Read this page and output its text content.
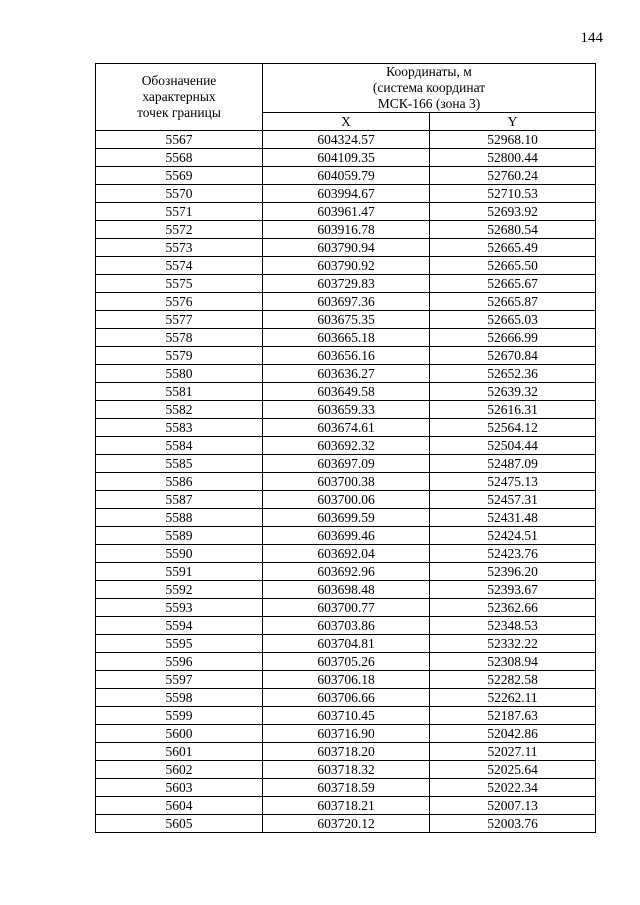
144
Обозначение
характерных
точек границы	Координаты, м
(система координат
МСК-166 (зона 3)	

	X	Y
5567	604324.57	52968.10
5568	604109.35	52800.44
5569	604059.79	52760.24
5570	603994.67	52710.53
5571	603961.47	52693.92
5572	603916.78	52680.54
5573	603790.94	52665.49
5574	603790.92	52665.50
5575	603729.83	52665.67
5576	603697.36	52665.87
5577	603675.35	52665.03
5578	603665.18	52666.99
5579	603656.16	52670.84
5580	603636.27	52652.36
5581	603649.58	52639.32
5582	603659.33	52616.31
5583	603674.61	52564.12
5584	603692.32	52504.44
5585	603697.09	52487.09
5586	603700.38	52475.13
5587	603700.06	52457.31
5588	603699.59	52431.48
5589	603699.46	52424.51
5590	603692.04	52423.76
5591	603692.96	52396.20
5592	603698.48	52393.67
5593	603700.77	52362.66
5594	603703.86	52348.53
5595	603704.81	52332.22
5596	603705.26	52308.94
5597	603706.18	52282.58
5598	603706.66	52262.11
5599	603710.45	52187.63
5600	603716.90	52042.86
5601	603718.20	52027.11
5602	603718.32	52025.64
5603	603718.59	52022.34
5604	603718.21	52007.13
5605	603720.12	52003.76
